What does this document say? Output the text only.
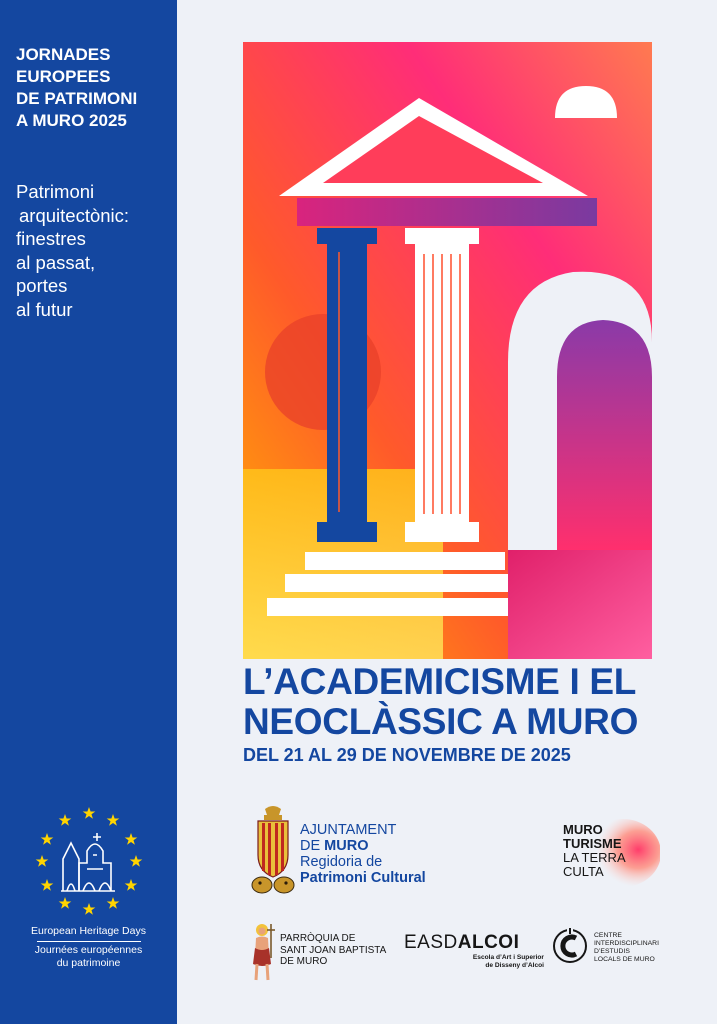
JORNADES
EUROPEES
DE PATRIMONI
A MURO 2025
Patrimoni
arquitectònic:
finestres
al passat,
portes
al futur
European Heritage Days
Journées européennes
du patrimoine
L’ACADEMICISME I EL
NEOCLÀSSIC A MURO
DEL 21 AL 29 DE NOVEMBRE DE 2025
AJUNTAMENT
DE MURO
Regidoria de
Patrimoni Cultural
MURO
TURISME
LA TERRA
CULTA
PARRÒQUIA DE
SANT JOAN BAPTISTA
DE MURO
EASDALCOI
Escola d’Art i Superior
de Disseny d’Alcoi
CENTRE
INTERDISCIPLINARI
D’ESTUDIS
LOCALS DE MURO
